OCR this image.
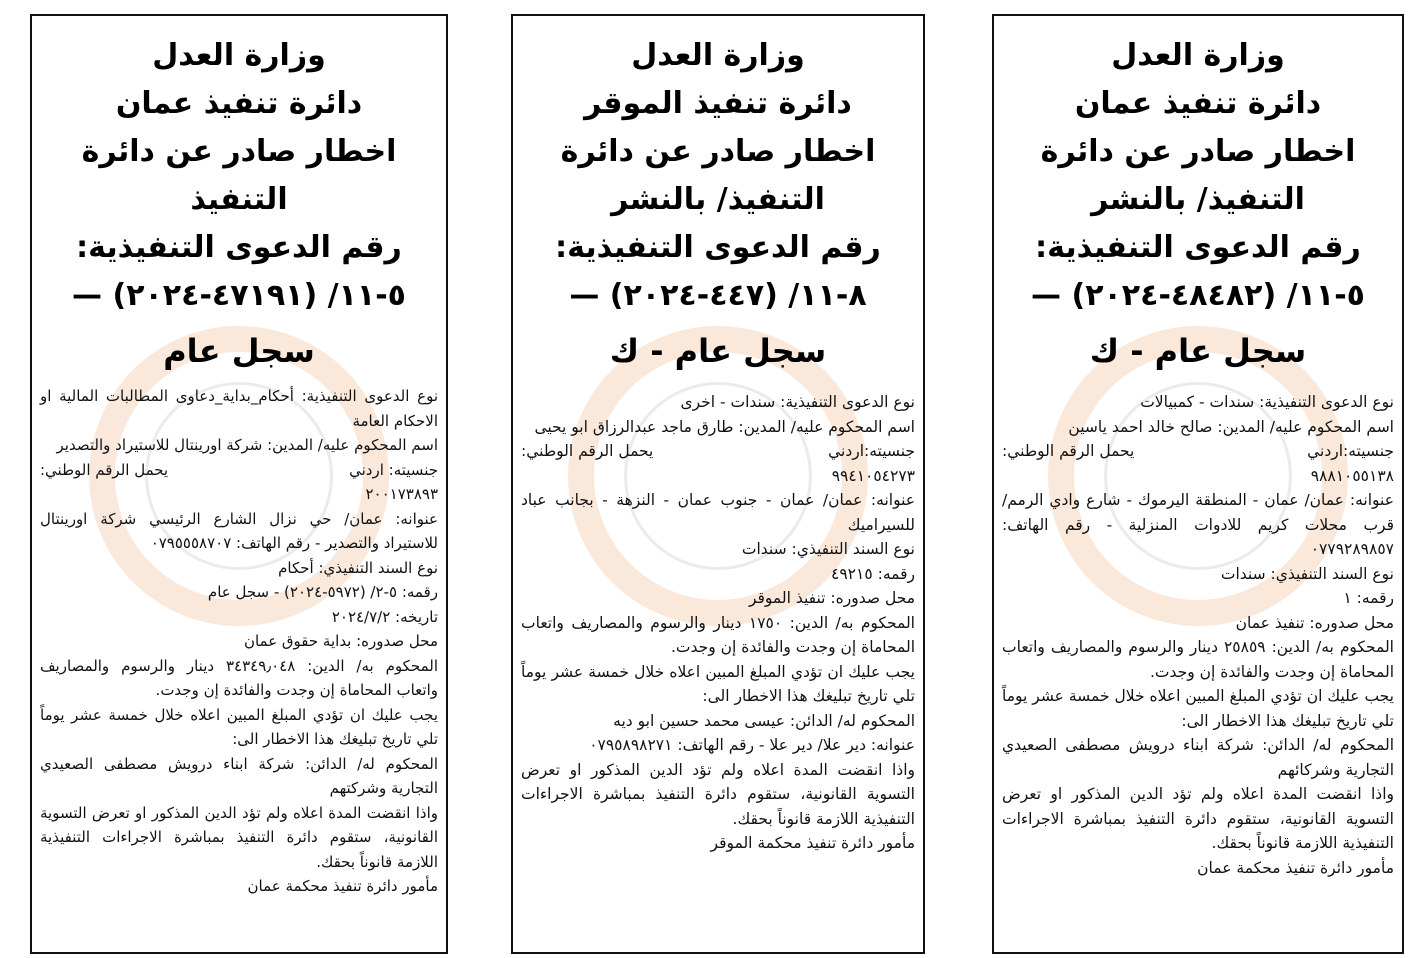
وزارة العدل
دائرة تنفيذ عمان
اخطار صادر عن دائرة
التنفيذ/ بالنشر
رقم الدعوى التنفيذية:
٥-١١/ (٤٨٤٨٢-٢٠٢٤) —
سجل عام - ك

نوع الدعوى التنفيذية: سندات - كمبيالات

اسم المحكوم عليه/ المدين: صالح خالد احمد ياسين

جنسيته:اردني
يحمل الرقم الوطني:

٩٨٨١٠٥٥١٣٨

عنوانه: عمان/ عمان - المنطقة اليرموك - شارع وادي الرمم/ قرب محلات كريم للادوات المنزلية - رقم الهاتف: ٠٧٧٩٢٨٩٨٥٧

نوع السند التنفيذي: سندات

رقمه: ١

محل صدوره: تنفيذ عمان

المحكوم به/ الدين: ٢٥٨٥٩ دينار والرسوم والمصاريف واتعاب المحاماة إن وجدت والفائدة إن وجدت.

يجب عليك ان تؤدي المبلغ المبين اعلاه خلال خمسة عشر يوماً تلي تاريخ تبليغك هذا الاخطار الى:

المحكوم له/ الدائن: شركة ابناء درويش مصطفى الصعيدي التجارية وشركائهم

واذا انقضت المدة اعلاه ولم تؤد الدين المذكور او تعرض التسوية القانونية، ستقوم دائرة التنفيذ بمباشرة الاجراءات التنفيذية اللازمة قانوناً بحقك.

مأمور دائرة تنفيذ محكمة عمان

وزارة العدل
دائرة تنفيذ الموقر
اخطار صادر عن دائرة
التنفيذ/ بالنشر
رقم الدعوى التنفيذية:
٨-١١/ (٤٤٧-٢٠٢٤) —
سجل عام - ك

نوع الدعوى التنفيذية: سندات - اخرى

اسم المحكوم عليه/ المدين: طارق ماجد عبدالرزاق ابو يحيى

جنسيته:اردني
يحمل الرقم الوطني:

٩٩٤١٠٥٤٢٧٣

عنوانه: عمان/ عمان - جنوب عمان - النزهة - بجانب عباد للسيراميك

نوع السند التنفيذي: سندات

رقمه: ٤٩٢١٥

محل صدوره: تنفيذ الموقر

المحكوم به/ الدين: ١٧٥٠ دينار والرسوم والمصاريف واتعاب المحاماة إن وجدت والفائدة إن وجدت.

يجب عليك ان تؤدي المبلغ المبين اعلاه خلال خمسة عشر يوماً تلي تاريخ تبليغك هذا الاخطار الى:

المحكوم له/ الدائن: عيسى محمد حسين ابو ديه

عنوانه: دير علا/ دير علا - رقم الهاتف: ٠٧٩٥٨٩٨٢٧١

واذا انقضت المدة اعلاه ولم تؤد الدين المذكور او تعرض التسوية القانونية، ستقوم دائرة التنفيذ بمباشرة الاجراءات التنفيذية اللازمة قانوناً بحقك.

مأمور دائرة تنفيذ محكمة الموقر

وزارة العدل
دائرة تنفيذ عمان
اخطار صادر عن دائرة التنفيذ
رقم الدعوى التنفيذية:
٥-١١/ (٤٧١٩١-٢٠٢٤) —
سجل عام

نوع الدعوى التنفيذية: أحكام_بداية_دعاوى المطالبات المالية او الاحكام العامة

اسم المحكوم عليه/ المدين: شركة اورينتال للاستيراد والتصدير

جنسيته: اردني
يحمل الرقم الوطني:

٢٠٠١٧٣٨٩٣

عنوانه: عمان/ حي نزال الشارع الرئيسي شركة اورينتال للاستيراد والتصدير - رقم الهاتف: ٠٧٩٥٥٥٨٧٠٧

نوع السند التنفيذي: أحكام

رقمه: ٥-٢/ (٥٩٧٢-٢٠٢٤) - سجل عام

تاريخه: ٢٠٢٤/٧/٢

محل صدوره: بداية حقوق عمان

المحكوم به/ الدين: ٣٤٣٤٩٫٠٤٨ دينار والرسوم والمصاريف واتعاب المحاماة إن وجدت والفائدة إن وجدت.

يجب عليك ان تؤدي المبلغ المبين اعلاه خلال خمسة عشر يوماً تلي تاريخ تبليغك هذا الاخطار الى:

المحكوم له/ الدائن: شركة ابناء درويش مصطفى الصعيدي التجارية وشركتهم

واذا انقضت المدة اعلاه ولم تؤد الدين المذكور او تعرض التسوية القانونية، ستقوم دائرة التنفيذ بمباشرة الاجراءات التنفيذية اللازمة قانوناً بحقك.

مأمور دائرة تنفيذ محكمة عمان
